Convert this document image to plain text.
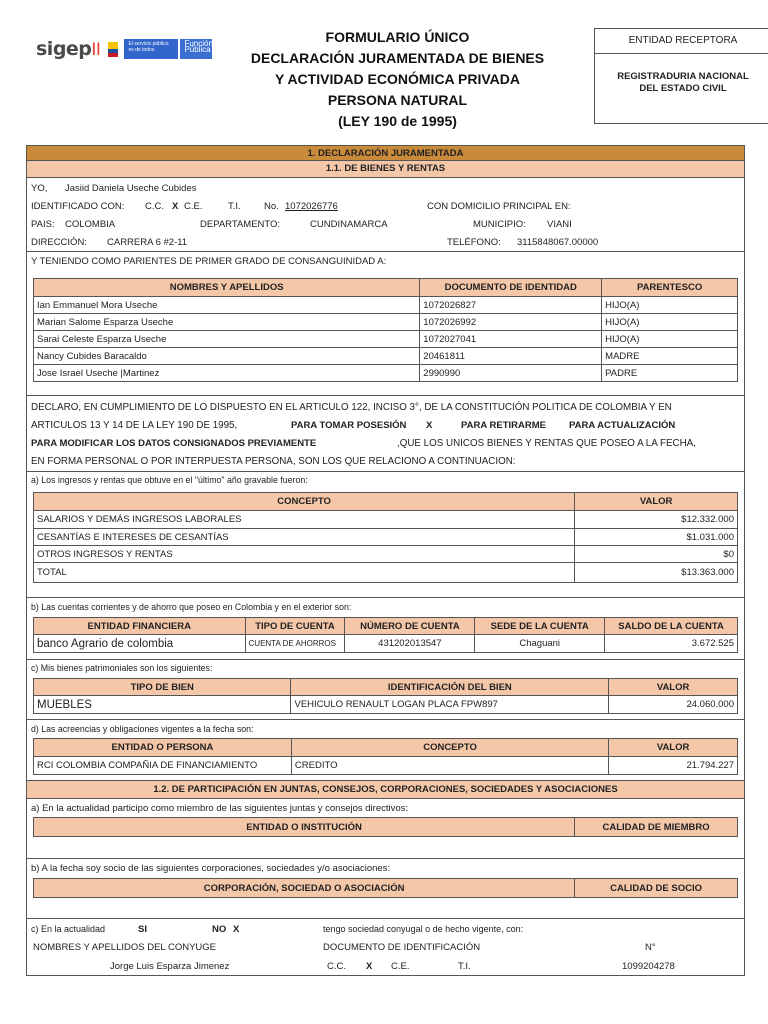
sigepII	El servicio público es de todos
Función Pública
FORMULARIO ÚNICO
DECLARACIÓN JURAMENTADA DE BIENES
Y ACTIVIDAD ECONÓMICA PRIVADA
PERSONA NATURAL
(LEY 190 de 1995)
ENTIDAD RECEPTORA
REGISTRADURIA NACIONAL
DEL ESTADO CIVIL
1. DECLARACIÓN JURAMENTADA
1.1. DE BIENES Y RENTAS
YO, Jasiid Daniela Useche Cubides
IDENTIFICADO CON: C.C. X C.E.	T.I. No. 1072026776	CON DOMICILIO PRINCIPAL EN:
PAIS: COLOMBIA	DEPARTAMENTO:	CUNDINAMARCA	MUNICIPIO: VIANI
DIRECCIÓN: CARRERA 6 #2-11	TELÉFONO: 3115848067.00000
Y TENIENDO COMO PARIENTES DE PRIMER GRADO DE CONSANGUINIDAD A:
NOMBRES Y APELLIDOS	DOCUMENTO DE IDENTIDAD	PARENTESCO
Ian Emmanuel Mora Useche	1072026827	HIJO(A)
Marian Salome Esparza Useche	1072026992	HIJO(A)
Sarai Celeste Esparza Useche	1072027041	HIJO(A)
Nancy Cubides Baracaldo	20461811	MADRE
Jose Israel Useche |Martinez	2990990	PADRE
DECLARO, EN CUMPLIMIENTO DE LO DISPUESTO EN EL ARTICULO 122, INCISO 3°, DE LA CONSTITUCIÓN POLITICA DE COLOMBIA Y EN
ARTICULOS 13 Y 14 DE LA LEY 190 DE 1995,	PARA TOMAR POSESIÓN X	PARA RETIRARME PARA ACTUALIZACIÓN
PARA MODIFICAR LOS DATOS CONSIGNADOS PREVIAMENTE	,QUE LOS UNICOS BIENES Y RENTAS QUE POSEO A LA FECHA,
EN FORMA PERSONAL O POR INTERPUESTA PERSONA, SON LOS QUE RELACIONO A CONTINUACION:
a) Los ingresos y rentas que obtuve en el "último" año gravable fueron:
CONCEPTO	VALOR
SALARIOS Y DEMÁS INGRESOS LABORALES	$12.332.000
CESANTÍAS E INTERESES DE CESANTÍAS	$1.031.000
OTROS INGRESOS Y RENTAS	$0
TOTAL	$13.363.000
b) Las cuentas corrientes y de ahorro que poseo en Colombia y en el exterior son:
ENTIDAD FINANCIERA	TIPO DE CUENTA	NÚMERO DE CUENTA	SEDE DE LA CUENTA	SALDO DE LA CUENTA
banco Agrario de colombia	CUENTA DE AHORROS	431202013547	Chaguani	3.672.525
c) Mis bienes patrimoniales son los siguientes:
TIPO DE BIEN	IDENTIFICACIÓN DEL BIEN	VALOR
MUEBLES	VEHICULO RENAULT LOGAN PLACA FPW897	24.060.000
d) Las acreencias y obligaciones vigentes a la fecha son:
ENTIDAD O PERSONA	CONCEPTO	VALOR
RCI COLOMBIA COMPAÑIA DE FINANCIAMIENTO	CREDITO	21.794.227
1.2. DE PARTICIPACIÓN EN JUNTAS, CONSEJOS, CORPORACIONES, SOCIEDADES Y ASOCIACIONES
a) En la actualidad participo como miembro de las siguientes juntas y consejos directivos:
ENTIDAD O INSTITUCIÓN	CALIDAD DE MIEMBRO
b) A la fecha soy socio de las siguientes corporaciones, sociedades y/o asociaciones:
CORPORACIÓN, SOCIEDAD O ASOCIACIÓN	CALIDAD DE SOCIO
c) En la actualidad	SI	NO X	tengo sociedad conyugal o de hecho vigente, con:
NOMBRES Y APELLIDOS DEL CONYUGE	DOCUMENTO DE IDENTIFICACIÓN	N°
Jorge Luis Esparza Jimenez	C.C. X C.E.	T.I.	1099204278
